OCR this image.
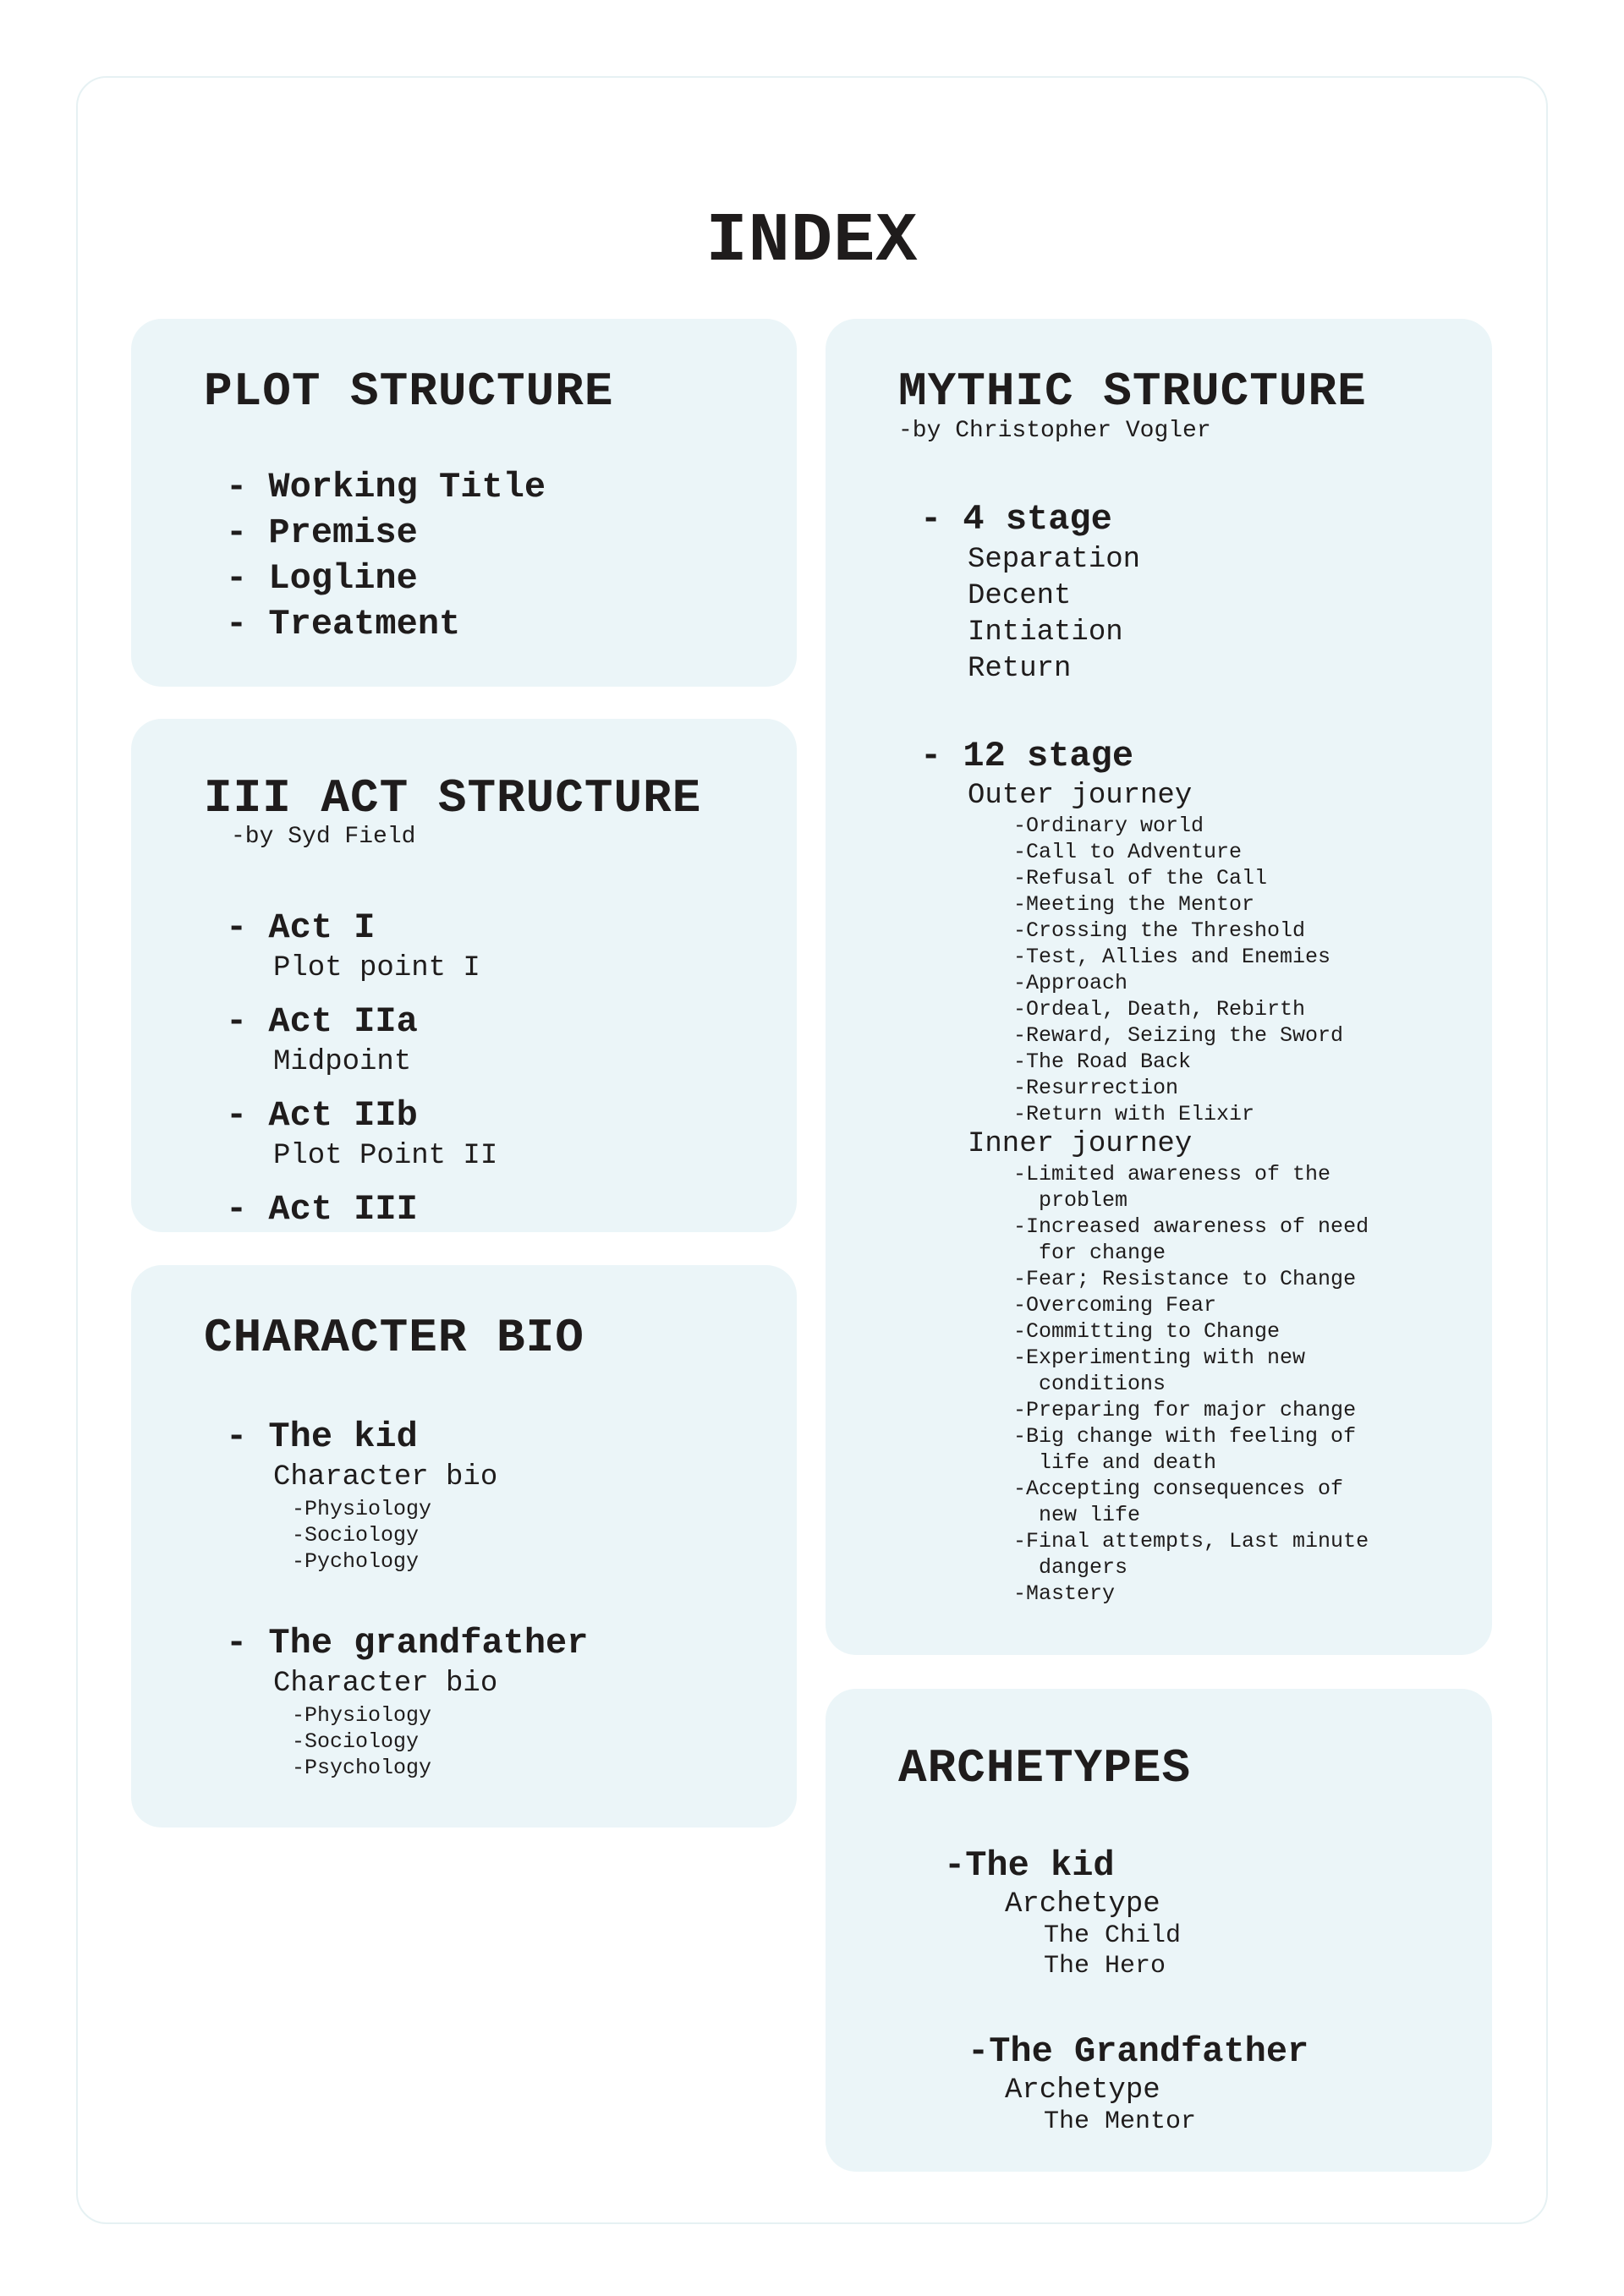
INDEX
PLOT STRUCTURE
- Working Title
- Premise
- Logline
- Treatment
III ACT STRUCTURE
-by Syd Field
- Act I
Plot point I
- Act IIa
Midpoint
- Act IIb
Plot Point II
- Act III
CHARACTER BIO
- The kid
Character bio
-Physiology
-Sociology
-Pychology
- The grandfather
Character bio
-Physiology
-Sociology
-Psychology
MYTHIC STRUCTURE
-by Christopher Vogler
- 4 stage
Separation
Decent
Intiation
Return
- 12 stage
Outer journey
-Ordinary world
-Call to Adventure
-Refusal of the Call
-Meeting the Mentor
-Crossing the Threshold
-Test, Allies and Enemies
-Approach
-Ordeal, Death, Rebirth
-Reward, Seizing the Sword
-The Road Back
-Resurrection
-Return with Elixir
Inner journey
-Limited awareness of the
problem
-Increased awareness of need
for change
-Fear; Resistance to Change
-Overcoming Fear
-Committing to Change
-Experimenting with new
conditions
-Preparing for major change
-Big change with feeling of
life and death
-Accepting consequences of
new life
-Final attempts, Last minute
dangers
-Mastery
ARCHETYPES
-The kid
Archetype
The Child
The Hero
-The Grandfather
Archetype
The Mentor
